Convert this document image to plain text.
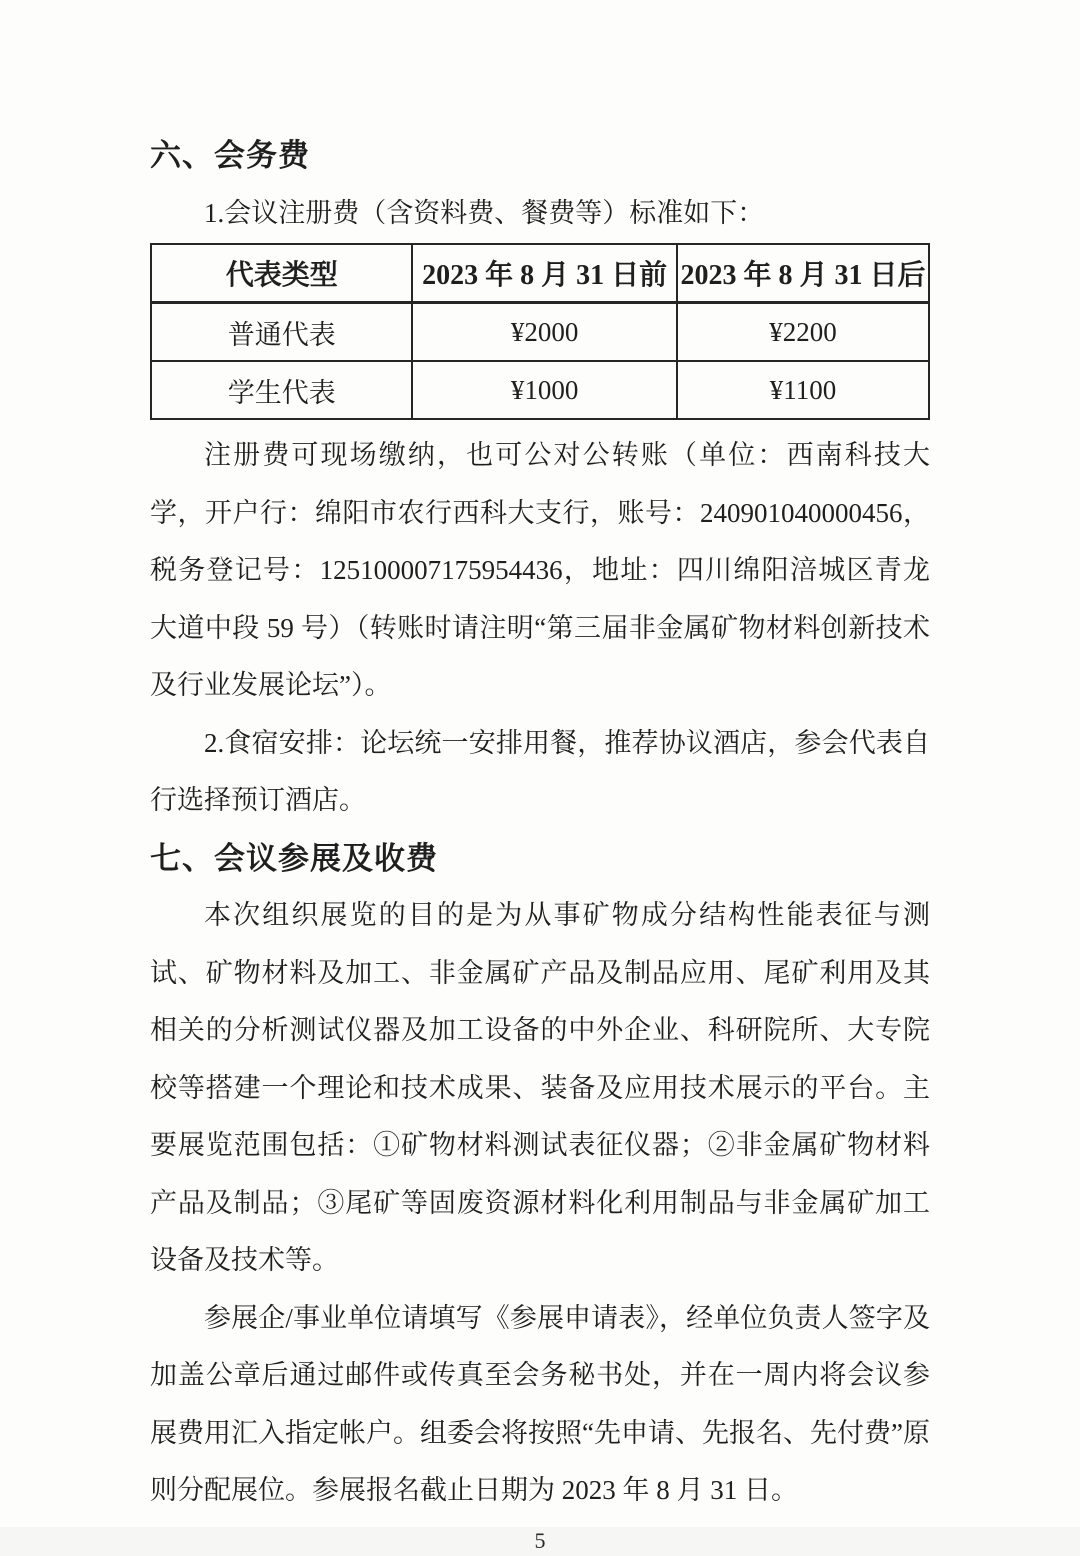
六、会务费

1.会议注册费（含资料费、餐费等）标准如下：

代表类型	2023 年 8 月 31 日前	2023 年 8 月 31 日后
普通代表	¥2000	¥2200
学生代表	¥1000	¥1100

注册费可现场缴纳，也可公对公转账（单位：西南科技大学，开户行：绵阳市农行西科大支行，账号：240901040000456，税务登记号：125100007175954436，地址：四川绵阳涪城区青龙大道中段 59 号）（转账时请注明“第三届非金属矿物材料创新技术及行业发展论坛”）。

2.食宿安排：论坛统一安排用餐，推荐协议酒店，参会代表自行选择预订酒店。

七、会议参展及收费

本次组织展览的目的是为从事矿物成分结构性能表征与测试、矿物材料及加工、非金属矿产品及制品应用、尾矿利用及其相关的分析测试仪器及加工设备的中外企业、科研院所、大专院校等搭建一个理论和技术成果、装备及应用技术展示的平台。主要展览范围包括：①矿物材料测试表征仪器；②非金属矿物材料产品及制品；③尾矿等固废资源材料化利用制品与非金属矿加工设备及技术等。

参展企/事业单位请填写《参展申请表》，经单位负责人签字及加盖公章后通过邮件或传真至会务秘书处，并在一周内将会议参展费用汇入指定帐户。组委会将按照“先申请、先报名、先付费”原则分配展位。参展报名截止日期为 2023 年 8 月 31 日。

5
